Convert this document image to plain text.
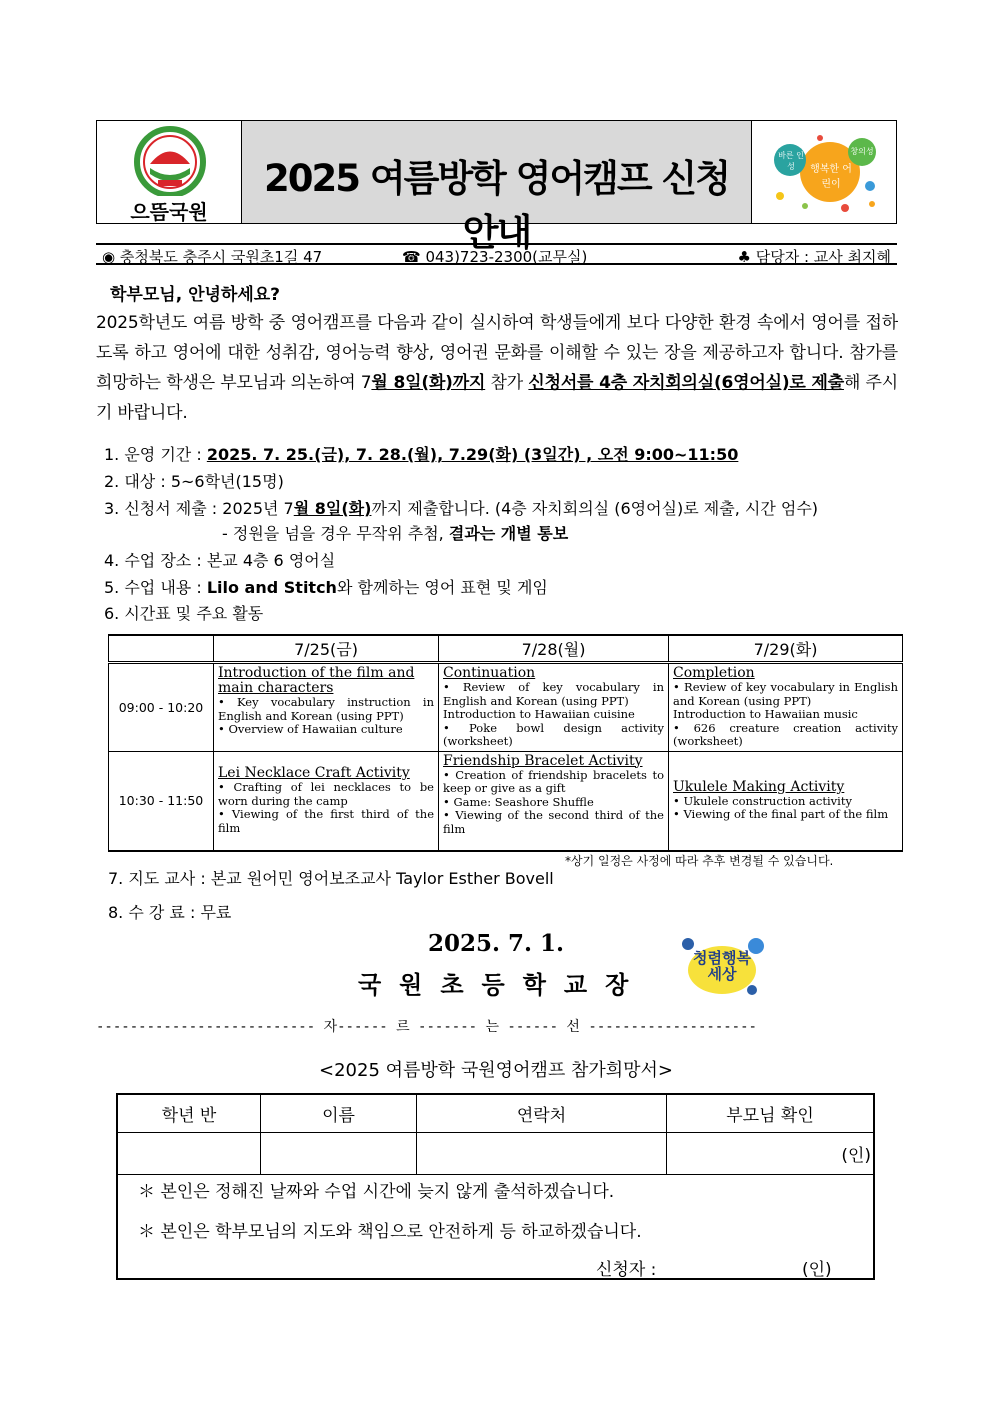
으뜸국원
2025 여름방학 영어캠프 신청 안내
바른 인성	행복한 어린이
창의성
◉ 충청북도 충주시 국원초1길 47	☎ 043)723-2300(교무실)	♣ 담당자 : 교사 최지혜
학부모님, 안녕하세요?
2025학년도 여름 방학 중 영어캠프를 다음과 같이 실시하여 학생들에게 보다 다양한 환경 속에서 영어를 접하도록 하고 영어에 대한 성취감, 영어능력 향상, 영어권 문화를 이해할 수 있는 장을 제공하고자 합니다. 참가를 희망하는 학생은 부모님과 의논하여 7월 8일(화)까지 참가 신청서를 4층 자치회의실(6영어실)로 제출해 주시기 바랍니다.
1. 운영 기간 : 2025. 7. 25.(금), 7. 28.(월), 7.29(화) (3일간) , 오전 9:00~11:50
2. 대상 : 5~6학년(15명)
3. 신청서 제출 : 2025년 7월 8일(화)까지 제출합니다. (4층 자치회의실 (6영어실)로 제출, 시간 엄수)
- 정원을 넘을 경우 무작위 추첨, 결과는 개별 통보
4. 수업 장소 : 본교 4층 6 영어실
5. 수업 내용 : Lilo and Stitch와 함께하는 영어 표현 및 게임
6. 시간표 및 주요 활동
	7/25(금)	7/28(월)	7/29(화)
09:00 - 10:20	Introduction of the film and main characters
• Key vocabulary instruction in English and Korean (using PPT)
• Overview of Hawaiian culture	Continuation
• Review of key vocabulary in English and Korean (using PPT)
Introduction to Hawaiian cuisine
• Poke bowl design activity (worksheet)	Completion
• Review of key vocabulary in English and Korean (using PPT)
Introduction to Hawaiian music
• 626 creature creation activity (worksheet)

10:30 - 11:50	Lei Necklace Craft Activity
• Crafting of lei necklaces to be worn during the camp
• Viewing of the first third of the film	Friendship Bracelet Activity
• Creation of friendship bracelets to keep or give as a gift
• Game: Seashore Shuffle
• Viewing of the second third of the film	Ukulele Making Activity
• Ukulele construction activity
• Viewing of the final part of the film
*상기 일정은 사정에 따라 추후 변경될 수 있습니다.
7. 지도 교사 : 본교 원어민 영어보조교사 Taylor Esther Bovell
8. 수 강 료 : 무료
2025. 7. 1.
국원초등학교장
청렴행복세상
-------------------------- 자------ 르 ------- 는 ------ 선 --------------------
<2025 여름방학 국원영어캠프 참가희망서>
학년 반	이름	연락처	부모님 확인
			(인)
＊ 본인은 정해진 날짜와 수업 시간에 늦지 않게 출석하겠습니다.
＊ 본인은 학부모님의 지도와 책임으로 안전하게 등 하교하겠습니다.
신청자 :	(인)
